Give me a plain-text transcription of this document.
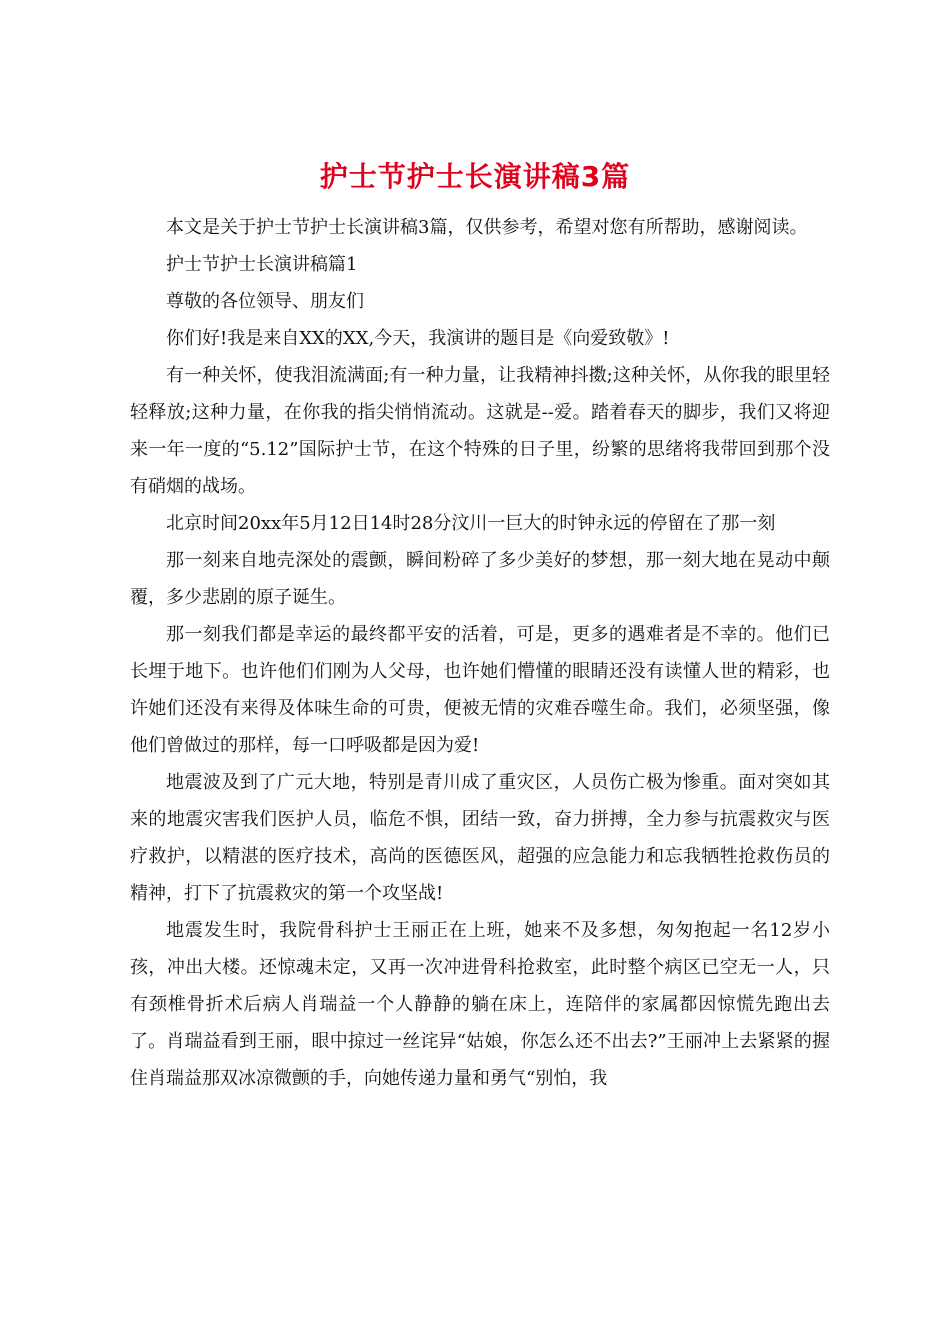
护士节护士长演讲稿3篇

本文是关于护士节护士长演讲稿3篇，仅供参考，希望对您有所帮助，感谢阅读。

护士节护士长演讲稿篇1

尊敬的各位领导、朋友们

你们好!我是来自XX的XX,今天，我演讲的题目是《向爱致敬》!

有一种关怀，使我泪流满面;有一种力量，让我精神抖擞;这种关怀，从你我的眼里轻轻释放;这种力量，在你我的指尖悄悄流动。这就是--爱。踏着春天的脚步，我们又将迎来一年一度的“5.12”国际护士节，在这个特殊的日子里，纷繁的思绪将我带回到那个没有硝烟的战场。

北京时间20xx年5月12日14时28分汶川一巨大的时钟永远的停留在了那一刻

那一刻来自地壳深处的震颤，瞬间粉碎了多少美好的梦想，那一刻大地在晃动中颠覆，多少悲剧的原子诞生。

那一刻我们都是幸运的最终都平安的活着，可是，更多的遇难者是不幸的。他们已长埋于地下。也许他们们刚为人父母，也许她们懵懂的眼睛还没有读懂人世的精彩，也许她们还没有来得及体味生命的可贵，便被无情的灾难吞噬生命。我们，必须坚强，像他们曾做过的那样，每一口呼吸都是因为爱!

地震波及到了广元大地，特别是青川成了重灾区，人员伤亡极为惨重。面对突如其来的地震灾害我们医护人员，临危不惧，团结一致，奋力拼搏，全力参与抗震救灾与医疗救护，以精湛的医疗技术，高尚的医德医风，超强的应急能力和忘我牺牲抢救伤员的精神，打下了抗震救灾的第一个攻坚战!

地震发生时，我院骨科护士王丽正在上班，她来不及多想，匆匆抱起一名12岁小孩，冲出大楼。还惊魂未定，又再一次冲进骨科抢救室，此时整个病区已空无一人，只有颈椎骨折术后病人肖瑞益一个人静静的躺在床上，连陪伴的家属都因惊慌先跑出去了。肖瑞益看到王丽，眼中掠过一丝诧异“姑娘，你怎么还不出去?”王丽冲上去紧紧的握住肖瑞益那双冰凉微颤的手，向她传递力量和勇气“别怕，我
